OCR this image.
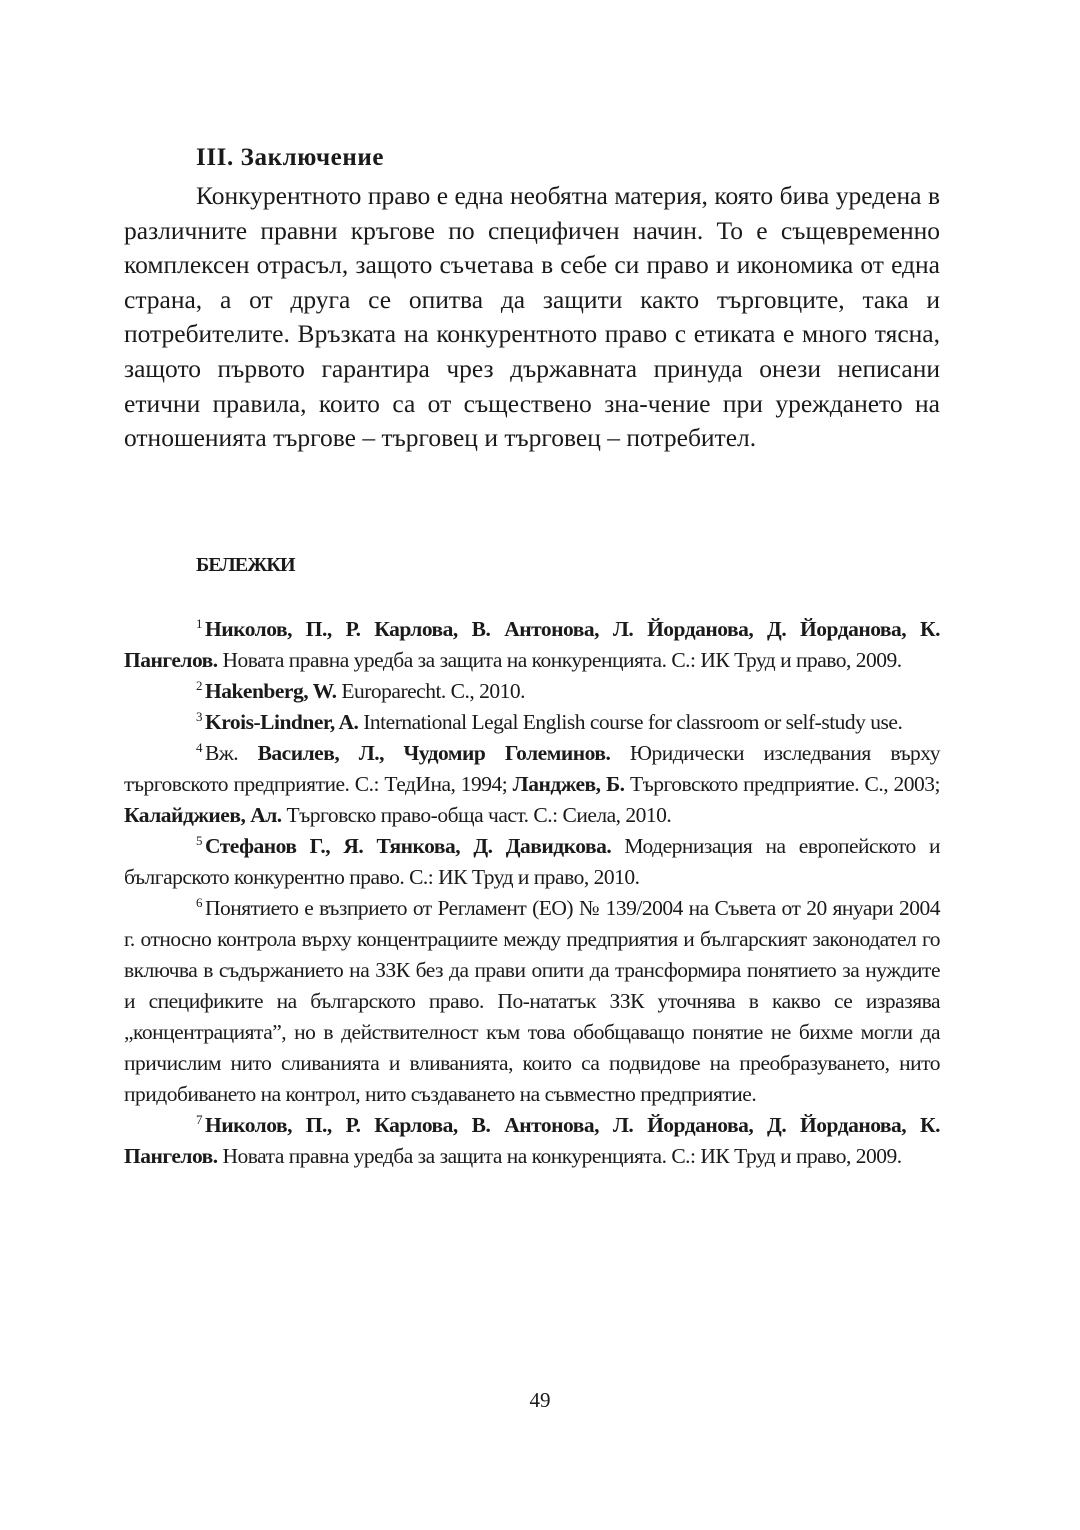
III. Заключение

Конкурентното право е една необятна материя, която бива уредена в различните правни кръгове по специфичен начин. То е същевременно комплексен отрасъл, защото съчетава в себе си право и икономика от една страна, а от друга се опитва да защити както търговците, така и потребителите. Връзката на конкурентното право с етиката е много тясна, защото първото гарантира чрез държавната принуда онези неписани етични правила, които са от съществено зна-чение при уреждането на отношенията търгове – търговец и търговец – потребител.

БЕЛЕЖКИ

$^1$ Николов, П., Р. Карлова, В. Антонова, Л. Йорданова, Д. Йорданова, К. Пангелов. Новата правна уредба за защита на конкуренцията. С.: ИК Труд и право, 2009.

$^2$ Hakenberg, W. Europarecht. С., 2010.

$^3$ Krois-Lindner, A. International Legal English course for classroom or self-study use.

$^4$ Вж. Василев, Л., Чудомир Големинов. Юридически изследвания върху търговското предприятие. С.: ТедИна, 1994; Ланджев, Б. Търговското предприятие. С., 2003; Калайджиев, Ал. Търговско право-обща част. С.: Сиела, 2010.

$^5$ Стефанов Г., Я. Тянкова, Д. Давидкова. Модернизация на европейското и българското конкурентно право. С.: ИК Труд и право, 2010.

$^6$ Понятието е възприето от Регламент (ЕО) № 139/2004 на Съвета от 20 януари 2004 г. относно контрола върху концентрациите между предприятия и българският законодател го включва в съдържанието на ЗЗК без да прави опити да трансформира понятието за нуждите и спецификите на българското право. По-нататък ЗЗК уточнява в какво се изразява „концентрацията”, но в действителност към това обобщаващо понятие не бихме могли да причислим нито сливанията и вливанията, които са подвидове на преобразуването, нито придобиването на контрол, нито създаването на съвместно предприятие.

$^7$ Николов, П., Р. Карлова, В. Антонова, Л. Йорданова, Д. Йорданова, К. Пангелов. Новата правна уредба за защита на конкуренцията. С.: ИК Труд и право, 2009.

49
